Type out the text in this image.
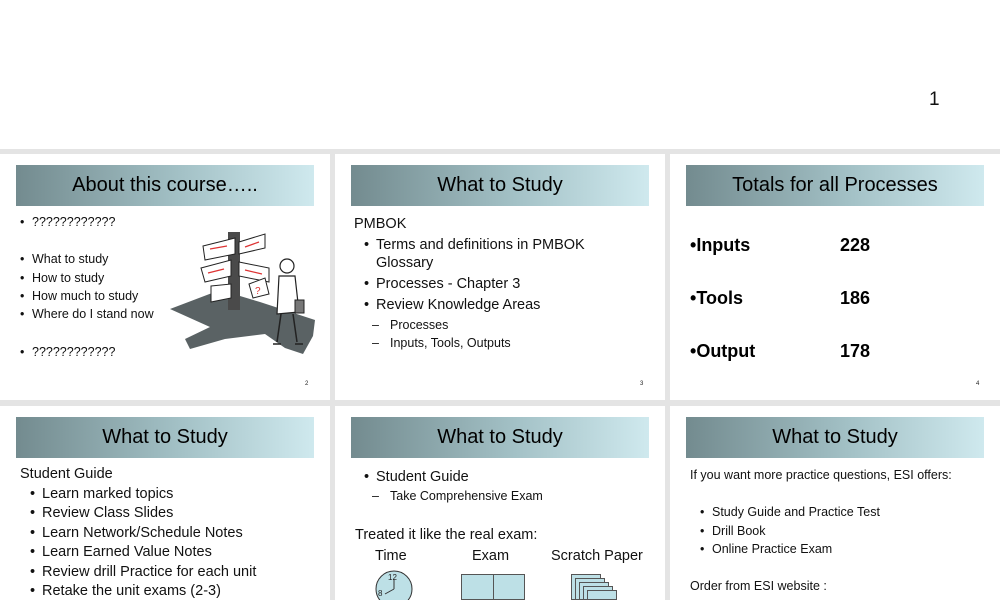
1
About this course…..
• ????????????
• What to study
• How to study
• How much to study
• Where do I stand now
• ????????????
?
2
What to Study
PMBOK
• Terms and definitions in PMBOK
Glossary
• Processes - Chapter 3
• Review Knowledge Areas
– Processes
– Inputs, Tools, Outputs
3
Totals for all Processes
• Inputs	228
• Tools	186
• Output	178
4
What to Study
Student Guide
• Learn marked topics
• Review Class Slides
• Learn Network/Schedule Notes
• Learn Earned Value Notes
• Review drill Practice for each unit
• Retake the unit exams (2-3)
What to Study
• Student Guide
– Take Comprehensive Exam
Treated it like the real exam:
Time	Exam	Scratch Paper
12
8
What to Study
If you want more practice questions, ESI offers:
• Study Guide and Practice Test
• Drill Book
• Online Practice Exam
Order from ESI website :
